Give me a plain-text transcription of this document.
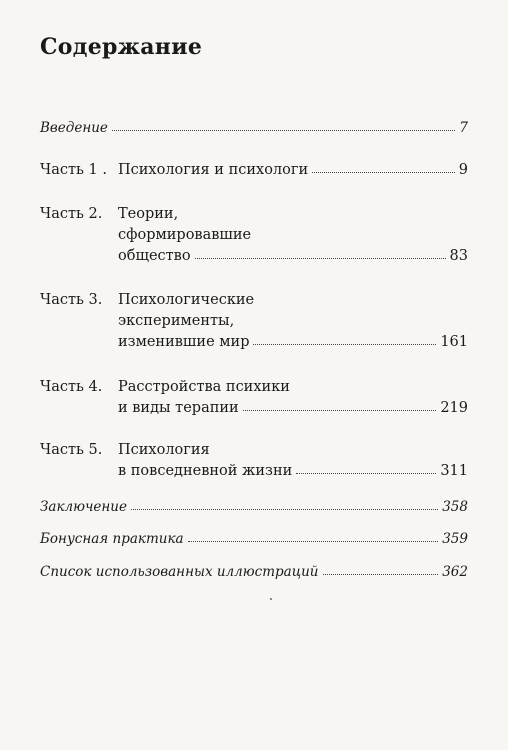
Содержание
Введение	7
Часть 1 . Психология и психологи	9
Часть 2.	Теории,
сформировавшие
общество	83
Часть 3.	Психологические
эксперименты,
изменившие мир	161
Часть 4.	Расстройства психики
и виды терапии	219
Часть 5.	Психология
в повседневной жизни	311
Заключение	358
Бонусная практика	359
Список использованных иллюстраций	362
